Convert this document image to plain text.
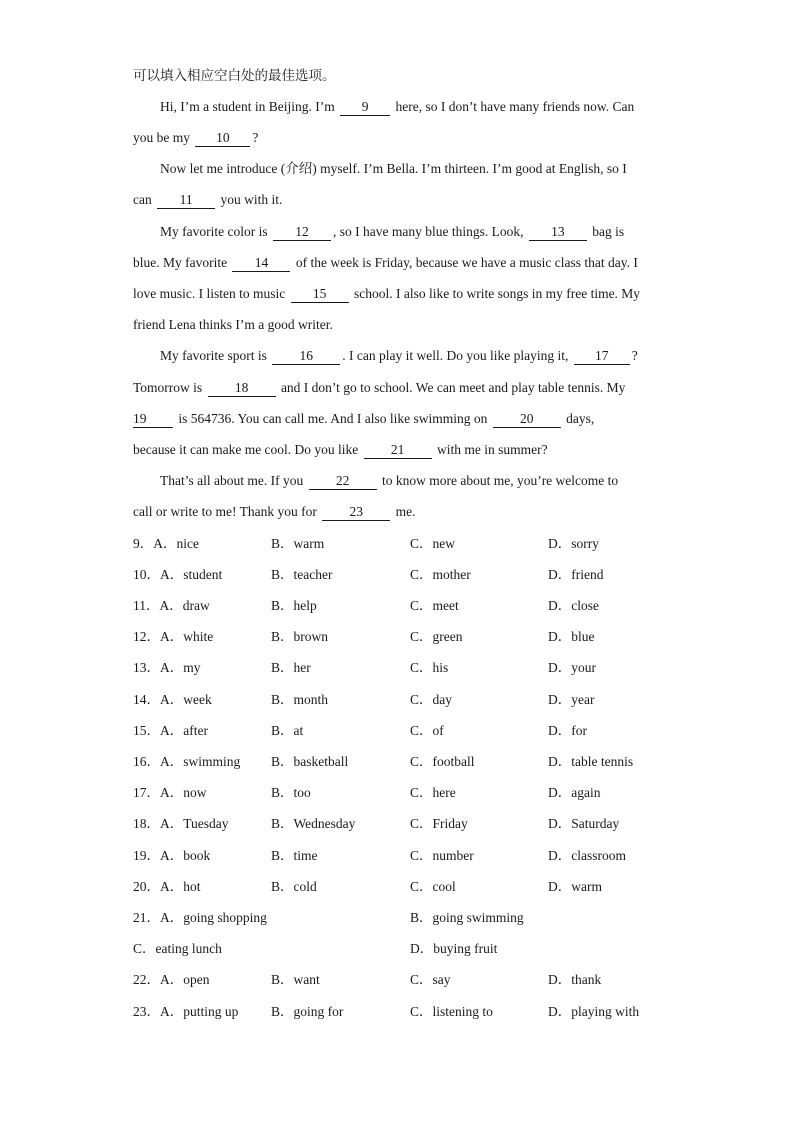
可以填入相应空白处的最佳选项。
Hi, I’m a student in Beijing. I’m 9 here, so I don’t have many friends now. Can
you be my 10 ?
Now let me introduce (介绍) myself. I’m Bella. I’m thirteen. I’m good at English, so I
can 11 you with it.
My favorite color is 12 , so I have many blue things. Look, 13 bag is
blue. My favorite 14 of the week is Friday, because we have a music class that day. I
love music. I listen to music 15 school. I also like to write songs in my free time. My
friend Lena thinks I’m a good writer.
My favorite sport is 16 . I can play it well. Do you like playing it, 17 ?
Tomorrow is 18 and I don’t go to school. We can meet and play table tennis. My
19 is 564736. You can call me. And I also like swimming on 20 days,
because it can make me cool. Do you like 21 with me in summer?
That’s all about me. If you 22 to know more about me, you’re welcome to
call or write to me! Thank you for 23 me.
9．A．nice	B．warm	C．new	D．sorry
10．A．student	B．teacher	C．mother	D．friend
11．A．draw	B．help	C．meet	D．close
12．A．white	B．brown	C．green	D．blue
13．A．my	B．her	C．his	D．your
14．A．week	B．month	C．day	D．year
15．A．after	B．at	C．of	D．for
16．A．swimming B．basketball	C．football	D．table tennis
17．A．now	B．too	C．here	D．again
18．A．Tuesday	B．Wednesday	C．Friday	D．Saturday
19．A．book	B．time	C．number	D．classroom
20．A．hot	B．cold	C．cool	D．warm
21．A．going shopping	B．going swimming
C．eating lunch	D．buying fruit
22．A．open	B．want	C．say	D．thank
23．A．putting up B．going for	C．listening to	D．playing with
